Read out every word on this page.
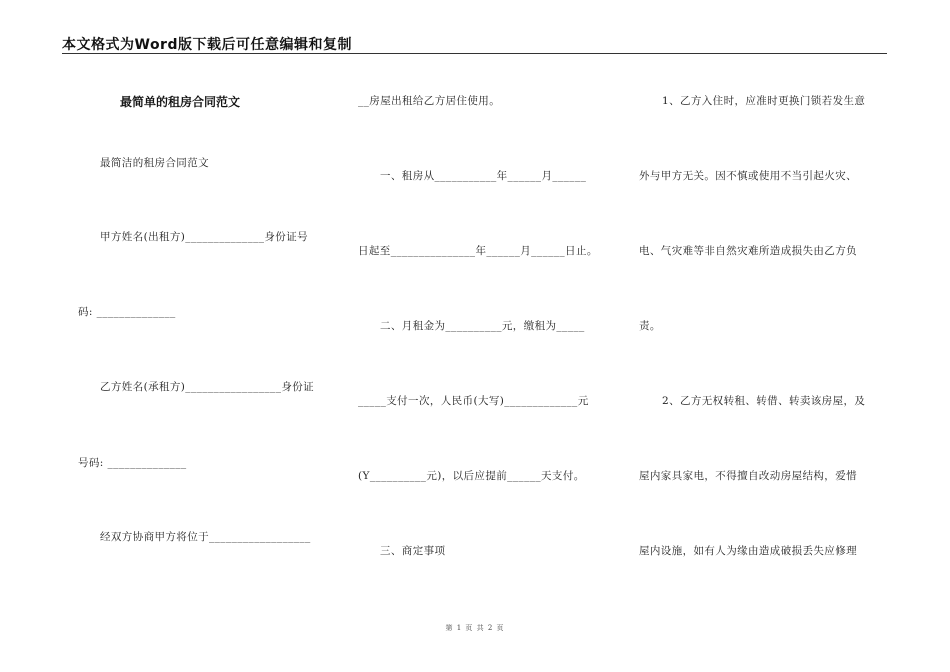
本文格式为Word版下载后可任意编辑和复制
最简单的租房合同范文
最简洁的租房合同范文
甲方姓名(出租方)______________身份证号
码: ______________
乙方姓名(承租方)_________________身份证
号码: ______________
经双方协商甲方将位于__________________
__房屋出租给乙方居住使用。
一、租房从___________年______月______
日起至_______________年______月______日止。
二、月租金为__________元，缴租为_____
_____支付一次，人民币(大写)_____________元
(Y__________元)，以后应提前______天支付。
三、商定事项
1、乙方入住时，应准时更换门锁若发生意
外与甲方无关。因不慎或使用不当引起火灾、
电、气灾难等非自然灾难所造成损失由乙方负
责。
2、乙方无权转租、转借、转卖该房屋，及
屋内家具家电，不得擅自改动房屋结构，爱惜
屋内设施，如有人为缘由造成破损丢失应修理
第 1 页 共 2 页
